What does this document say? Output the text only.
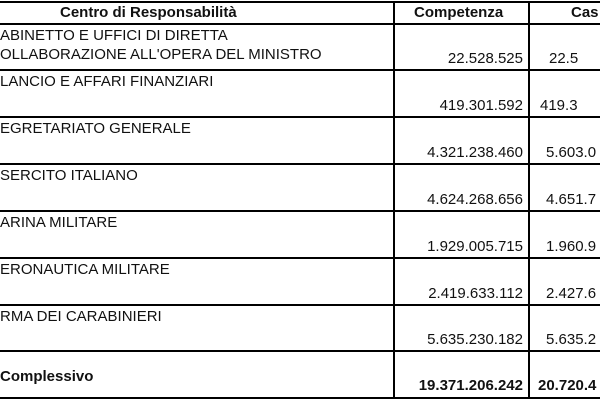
Centro di Responsabilità	Competenza	Cas
ABINETTO E UFFICI DI DIRETTA
OLLABORAZIONE ALL'OPERA DEL MINISTRO	22.528.525 22.5
LANCIO E AFFARI FINANZIARI
419.301.592 419.3
EGRETARIATO GENERALE
4.321.238.460 5.603.0
SERCITO ITALIANO
4.624.268.656 4.651.7
ARINA MILITARE
1.929.005.715 1.960.9
ERONAUTICA MILITARE
2.419.633.112 2.427.6
RMA DEI CARABINIERI
5.635.230.182 5.635.2
Complessivo
19.371.206.242 20.720.4
